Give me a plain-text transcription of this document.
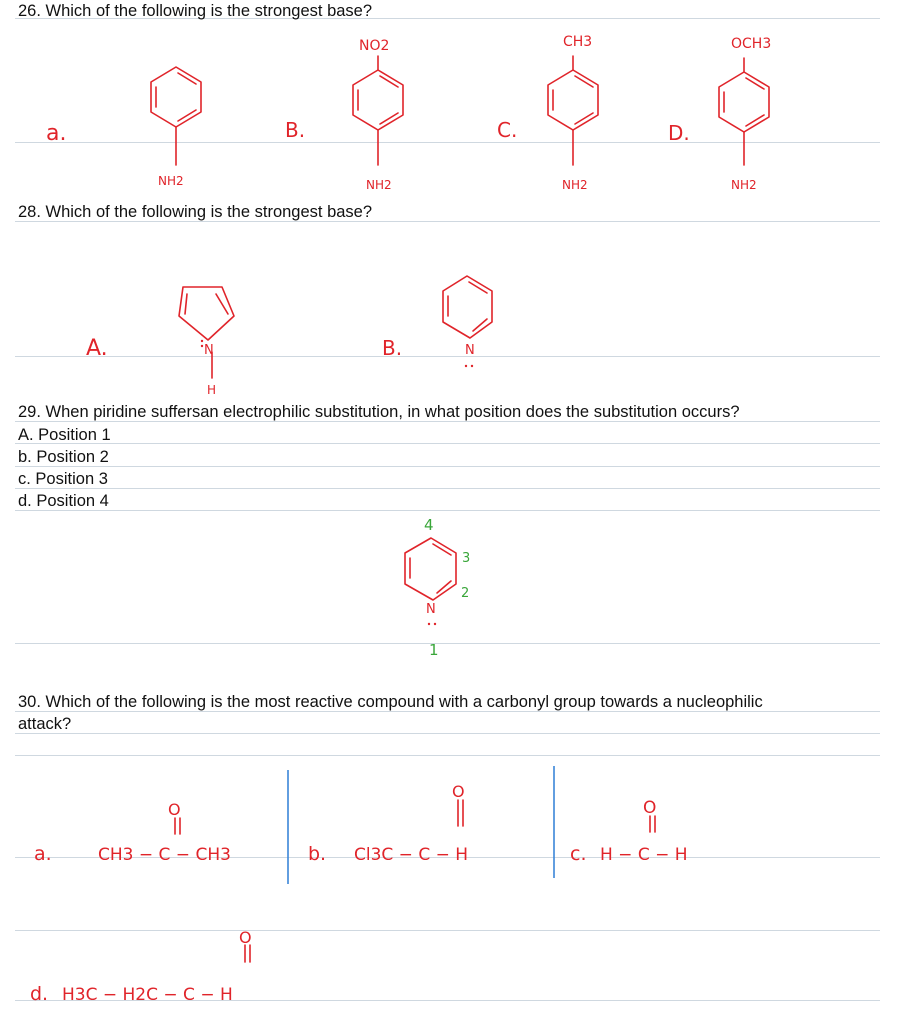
26. Which of the following is the strongest base?
28. Which of the following is the strongest base?
29. When piridine suffersan electrophilic substitution, in what position does the substitution occurs?
A. Position 1
b. Position 2
c. Position 3
d. Position 4
30. Which of the following is the most reactive compound with a carbonyl group towards a nucleophilic
attack?
a.	B.	C.	D.
NO2	CH3	OCH3
NH2	NH2	NH2	NH2
A.	B.
N
H
N
N
a.	CH3 − C − CH3
O
b. Cl3C − C − H
O
c. H − C − H
O
d. H3C − H2C − C − H
O
4
3
2
1
